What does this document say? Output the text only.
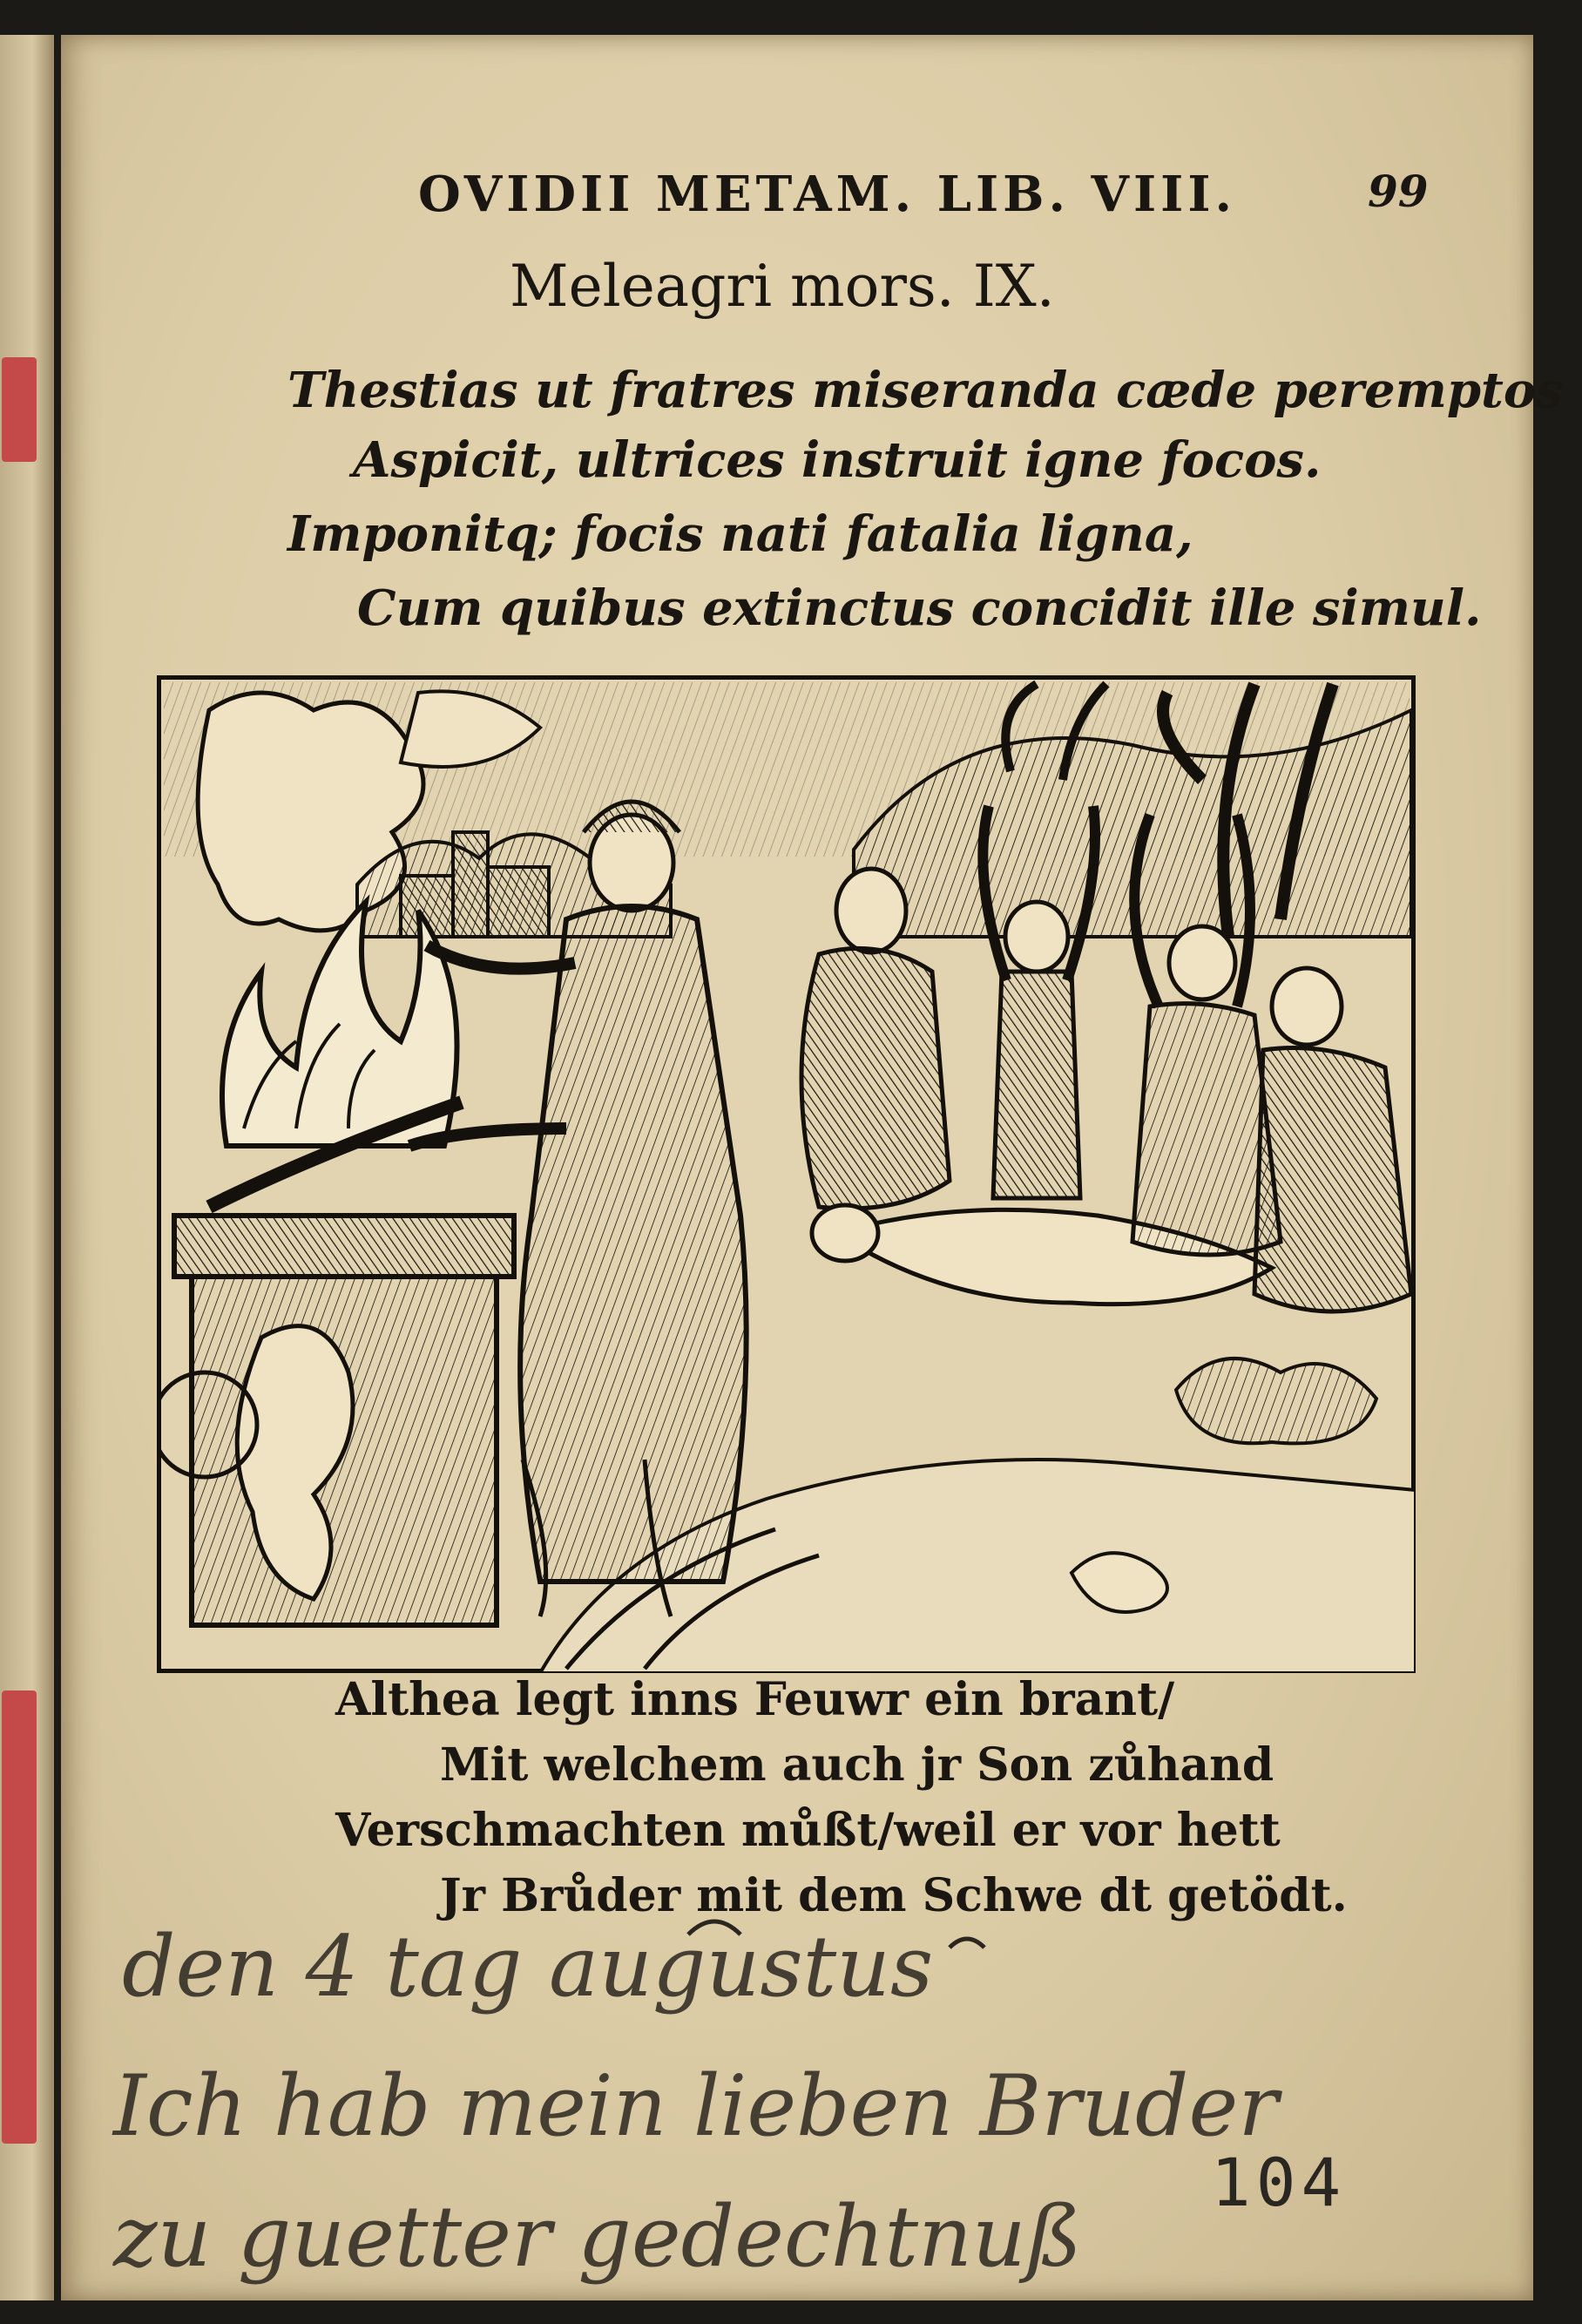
OVIDII METAM. LIB. VIII.	99
Meleagri mors. IX.
Thestias ut fratres miseranda cæde peremptos
Aspicit, ultrices instruit igne focos.
Imponitq; focis nati fatalia ligna,
Cum quibus extinctus concidit ille simul.
Althea legt inns Feuwr ein brant/
Mit welchem auch jr Son zůhand
Verschmachten můßt/weil er vor hett
Jr Brůder mit dem Schwe dt getödt.
den 4 tag augustus
Ich hab mein lieben Bruder
zu guetter gedechtnuß
104
